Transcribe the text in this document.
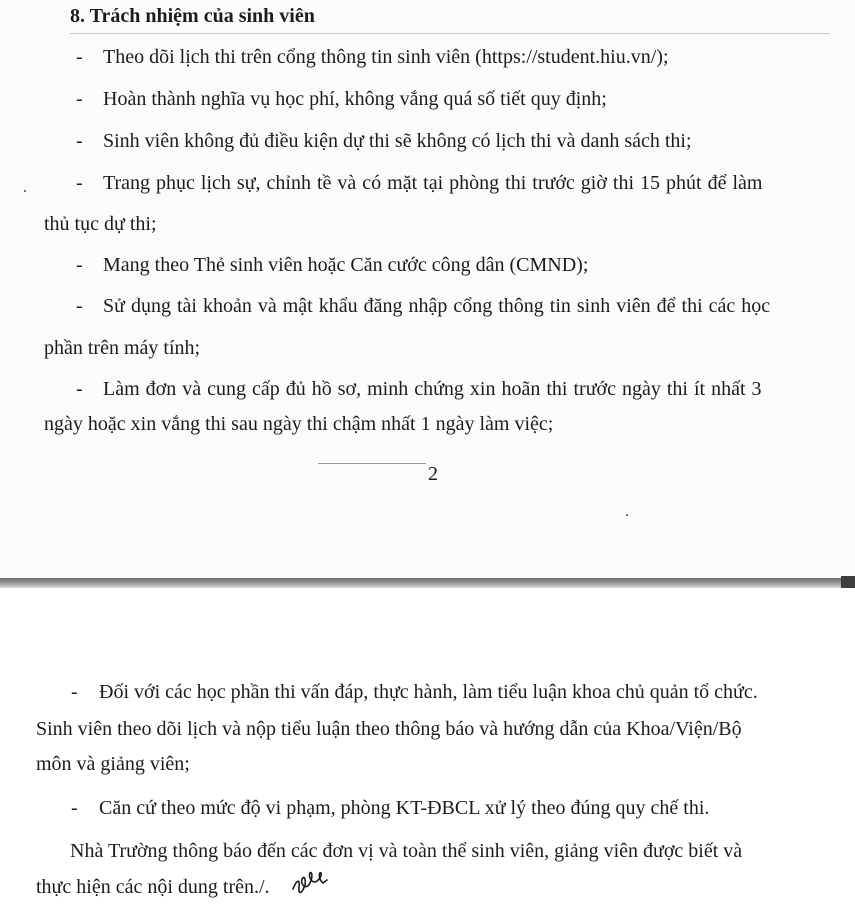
8. Trách nhiệm của sinh viên
- Theo dõi lịch thi trên cổng thông tin sinh viên (https://student.hiu.vn/);
- Hoàn thành nghĩa vụ học phí, không vắng quá số tiết quy định;
- Sinh viên không đủ điều kiện dự thi sẽ không có lịch thi và danh sách thi;
- Trang phục lịch sự, chỉnh tề và có mặt tại phòng thi trước giờ thi 15 phút để làm
thủ tục dự thi;
- Mang theo Thẻ sinh viên hoặc Căn cước công dân (CMND);
- Sử dụng tài khoản và mật khẩu đăng nhập cổng thông tin sinh viên để thi các học
phần trên máy tính;
- Làm đơn và cung cấp đủ hồ sơ, minh chứng xin hoãn thi trước ngày thi ít nhất 3
ngày hoặc xin vắng thi sau ngày thi chậm nhất 1 ngày làm việc;
2
- Đối với các học phần thi vấn đáp, thực hành, làm tiểu luận khoa chủ quản tổ chức.
Sinh viên theo dõi lịch và nộp tiểu luận theo thông báo và hướng dẫn của Khoa/Viện/Bộ
môn và giảng viên;
- Căn cứ theo mức độ vi phạm, phòng KT-ĐBCL xử lý theo đúng quy chế thi.
Nhà Trường thông báo đến các đơn vị và toàn thể sinh viên, giảng viên được biết và
thực hiện các nội dung trên./.
